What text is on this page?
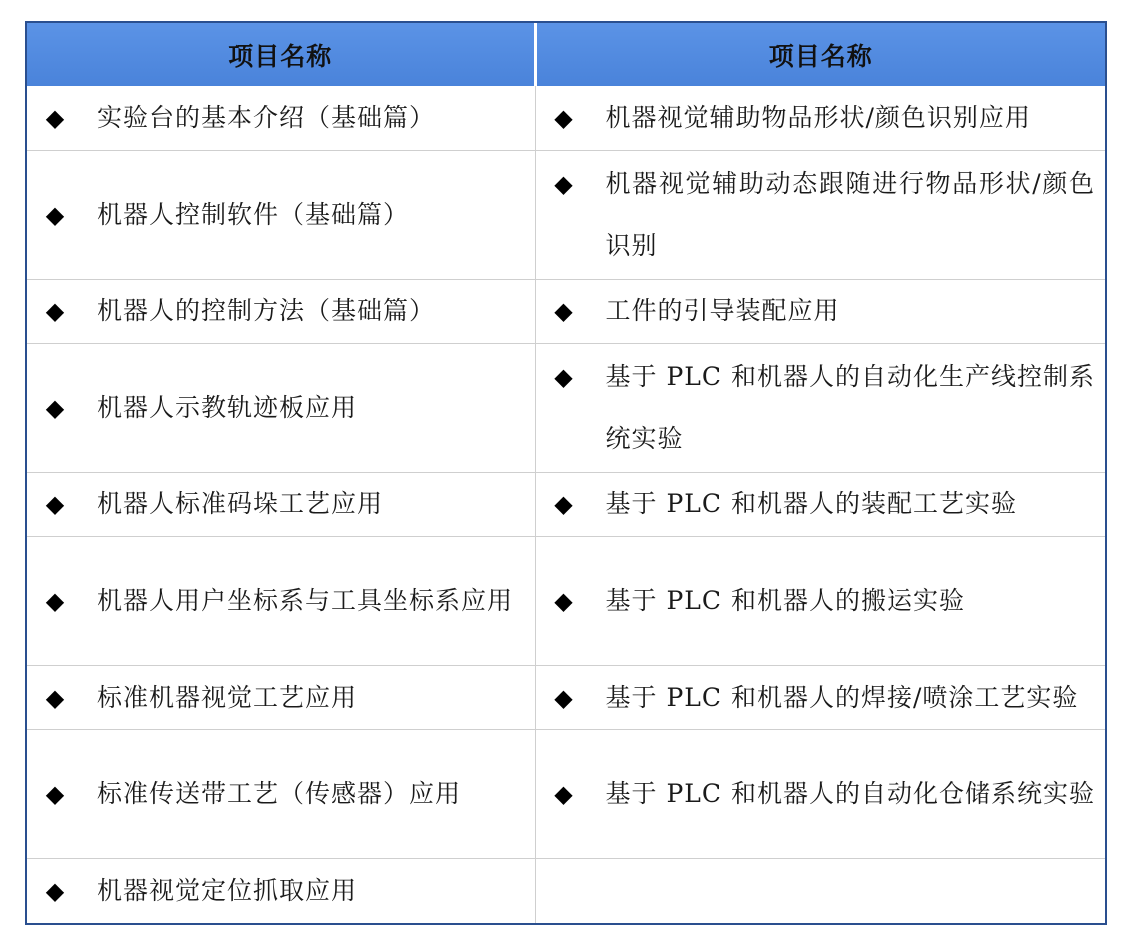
项目名称	项目名称

◆ 实验台的基本介绍（基础篇）	◆ 机器视觉辅助物品形状/颜色识别应用

◆ 机器人控制软件（基础篇）	◆ 机器视觉辅助动态跟随进行物品形状/颜色识别

◆ 机器人的控制方法（基础篇）	◆ 工件的引导装配应用

◆ 机器人示教轨迹板应用	◆ 基于 PLC 和机器人的自动化生产线控制系统实验

◆ 机器人标准码垛工艺应用	◆ 基于 PLC 和机器人的装配工艺实验

◆ 机器人用户坐标系与工具坐标系应用	◆ 基于 PLC 和机器人的搬运实验

◆ 标准机器视觉工艺应用	◆ 基于 PLC 和机器人的焊接/喷涂工艺实验

◆ 标准传送带工艺（传感器）应用	◆ 基于 PLC 和机器人的自动化仓储系统实验

◆ 机器视觉定位抓取应用	
